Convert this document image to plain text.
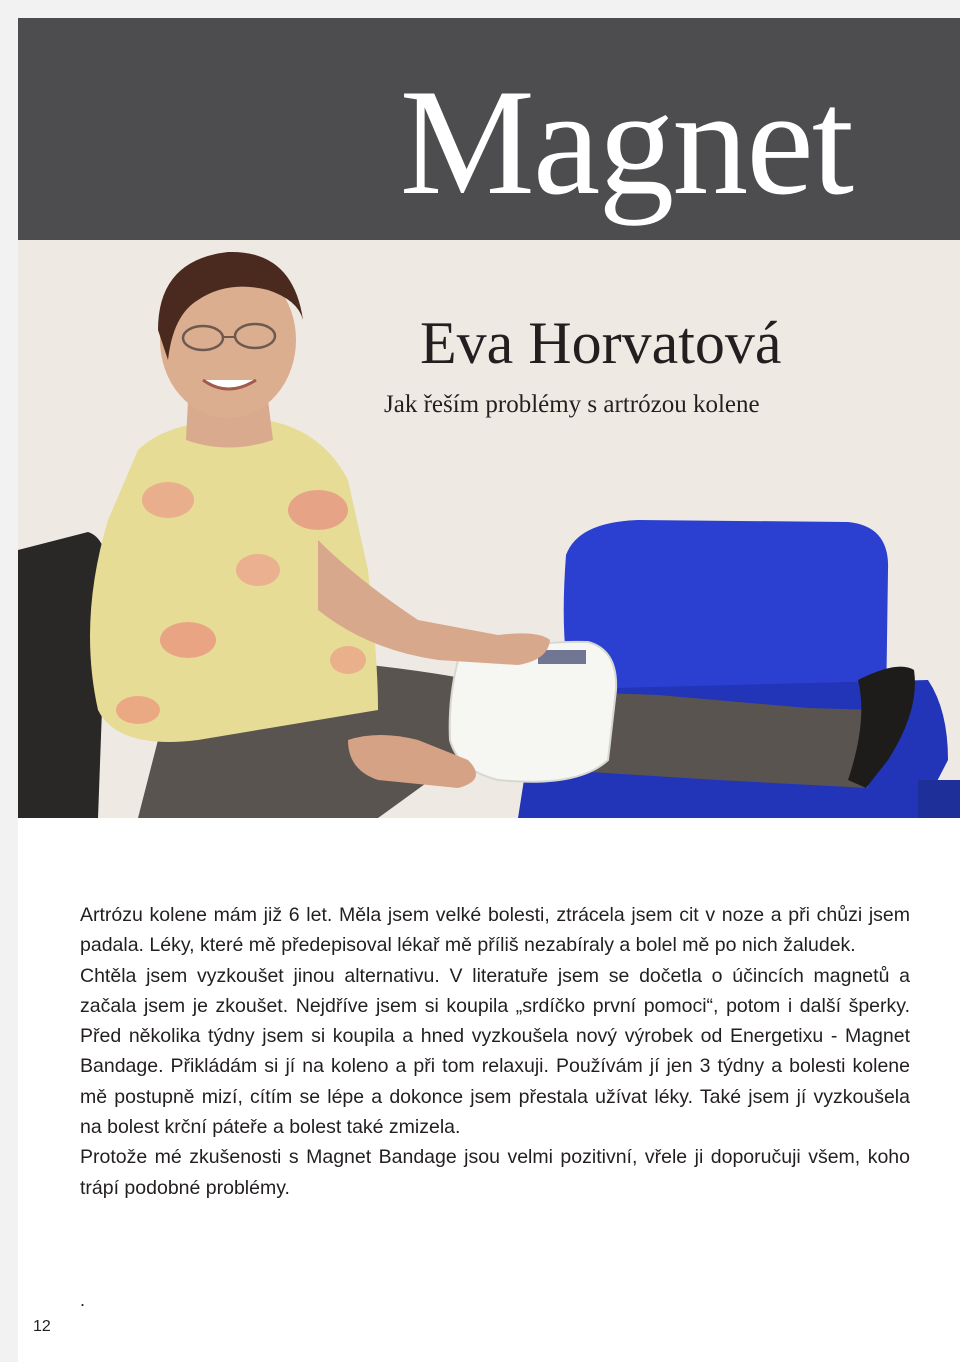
Magnet
Eva Horvatová
Jak řeším problémy s artrózou kolene

Artrózu kolene mám již 6 let. Měla jsem velké bolesti, ztrácela jsem cit v noze a při chůzi jsem padala. Léky, které mě předepisoval lékař mě příliš nezabíraly a bolel mě po nich žaludek.

Chtěla jsem vyzkoušet jinou alternativu. V literatuře jsem se dočetla o účincích magnetů a začala jsem je zkoušet. Nejdříve jsem si koupila „srdíčko první pomoci“, potom i další šperky. Před několika týdny jsem si koupila a hned vyzkoušela nový výrobek od Energetixu - Magnet Bandage. Přikládám si jí na koleno a při tom relaxuji. Používám jí jen 3 týdny a bolesti kolene mě postupně mizí, cítím se lépe a dokonce jsem přestala užívat léky. Také jsem jí vyzkoušela na bolest krční páteře a bolest také zmizela.

Protože mé zkušenosti s Magnet Bandage jsou velmi pozitivní, vřele ji doporučuji všem, koho trápí podobné problémy.

.
12
